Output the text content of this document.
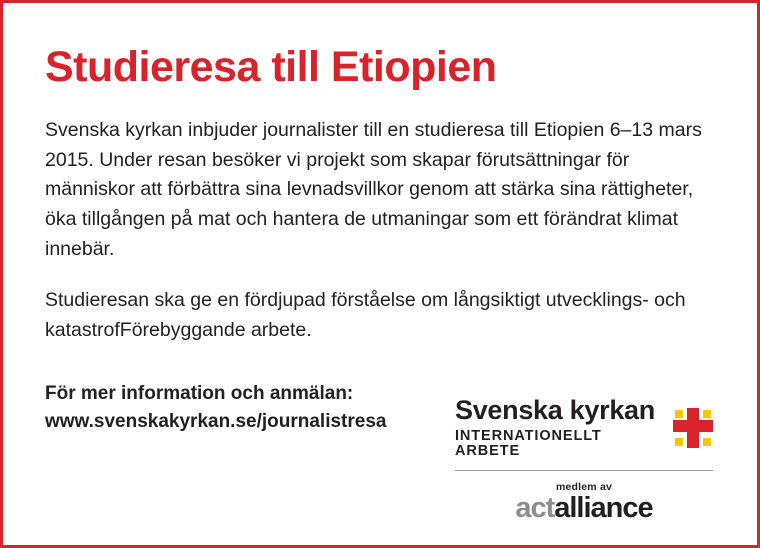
Studieresa till Etiopien

Svenska kyrkan inbjuder journalister till en studieresa till Etiopien 6–13 mars 2015. Under resan besöker vi projekt som skapar förutsättningar för människor att förbättra sina levnadsvillkor genom att stärka sina rättigheter, öka tillgången på mat och hantera de utmaningar som ett förändrat klimat innebär.

Studieresan ska ge en fördjupad förståelse om långsiktigt utvecklings- och katastrofFörebyggande arbete.

För mer information och anmälan:
www.svenskakyrkan.se/journalistresa	Svenska kyrkan
INTERNATIONELLT ARBETE
medlem av
actalliance
